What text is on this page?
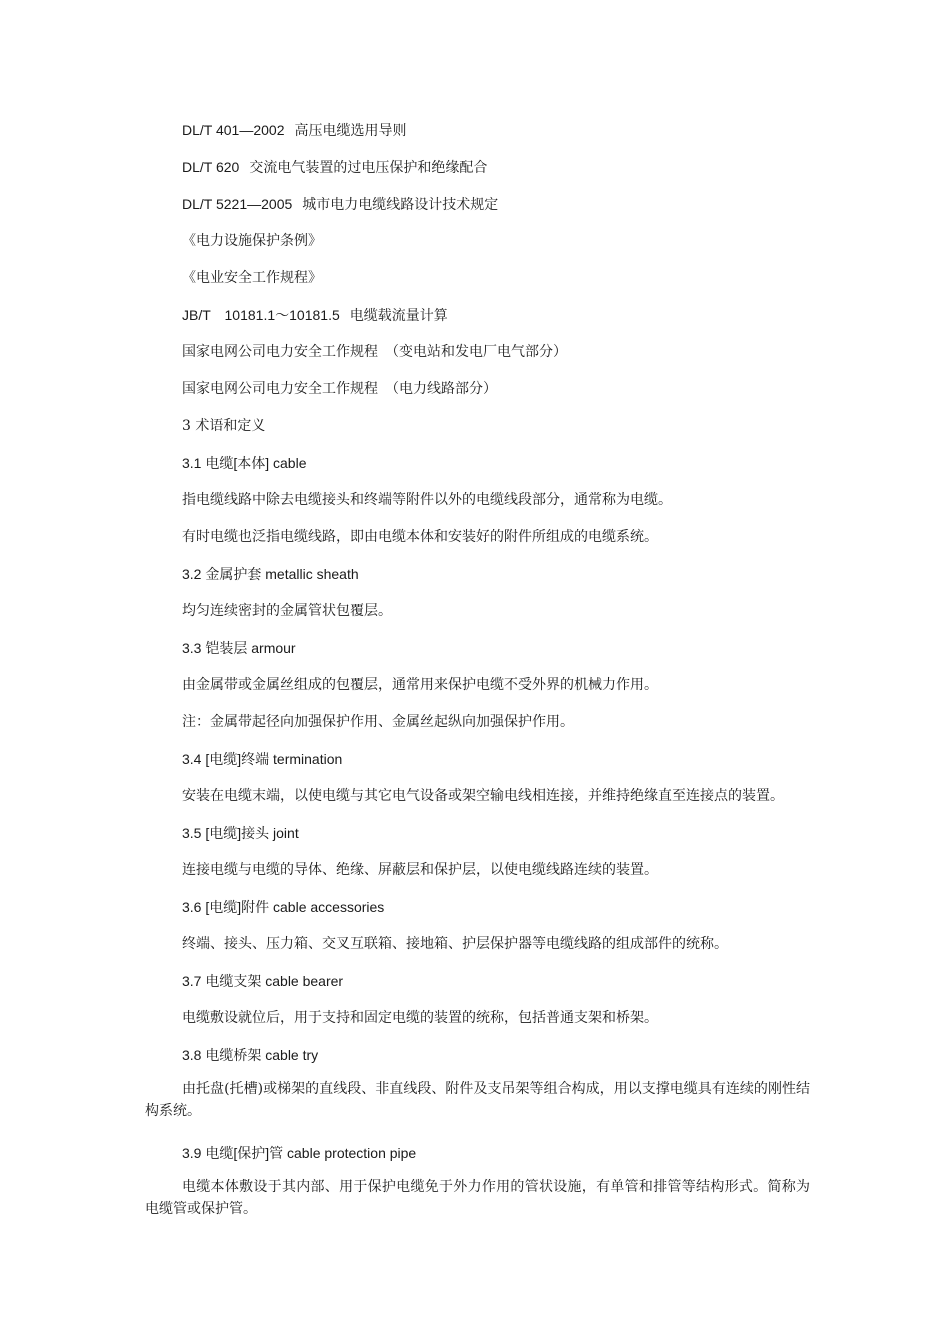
DL/T 401—2002 高压电缆选用导则
DL/T 620 交流电气装置的过电压保护和绝缘配合
DL/T 5221—2005 城市电力电缆线路设计技术规定
《电力设施保护条例》
《电业安全工作规程》
JB/T　10181.1～10181.5 电缆载流量计算
国家电网公司电力安全工作规程　（变电站和发电厂电气部分）
国家电网公司电力安全工作规程　（电力线路部分）
3 术语和定义
3.1 电缆[本体] cable
指电缆线路中除去电缆接头和终端等附件以外的电缆线段部分，通常称为电缆。
有时电缆也泛指电缆线路，即由电缆本体和安装好的附件所组成的电缆系统。
3.2 金属护套 metallic sheath
均匀连续密封的金属管状包覆层。
3.3 铠装层 armour
由金属带或金属丝组成的包覆层，通常用来保护电缆不受外界的机械力作用。
注：金属带起径向加强保护作用、金属丝起纵向加强保护作用。
3.4 [电缆]终端 termination
安装在电缆末端，以使电缆与其它电气设备或架空输电线相连接，并维持绝缘直至连接点的装置。
3.5 [电缆]接头 joint
连接电缆与电缆的导体、绝缘、屏蔽层和保护层，以使电缆线路连续的装置。
3.6 [电缆]附件 cable accessories
终端、接头、压力箱、交叉互联箱、接地箱、护层保护器等电缆线路的组成部件的统称。
3.7 电缆支架 cable bearer
电缆敷设就位后，用于支持和固定电缆的装置的统称，包括普通支架和桥架。
3.8 电缆桥架 cable try
由托盘(托槽)或梯架的直线段、非直线段、附件及支吊架等组合构成，用以支撑电缆具有连续的刚性结构系统。
3.9 电缆[保护]管 cable protection pipe
电缆本体敷设于其内部、用于保护电缆免于外力作用的管状设施，有单管和排管等结构形式。简称为电缆管或保护管。
